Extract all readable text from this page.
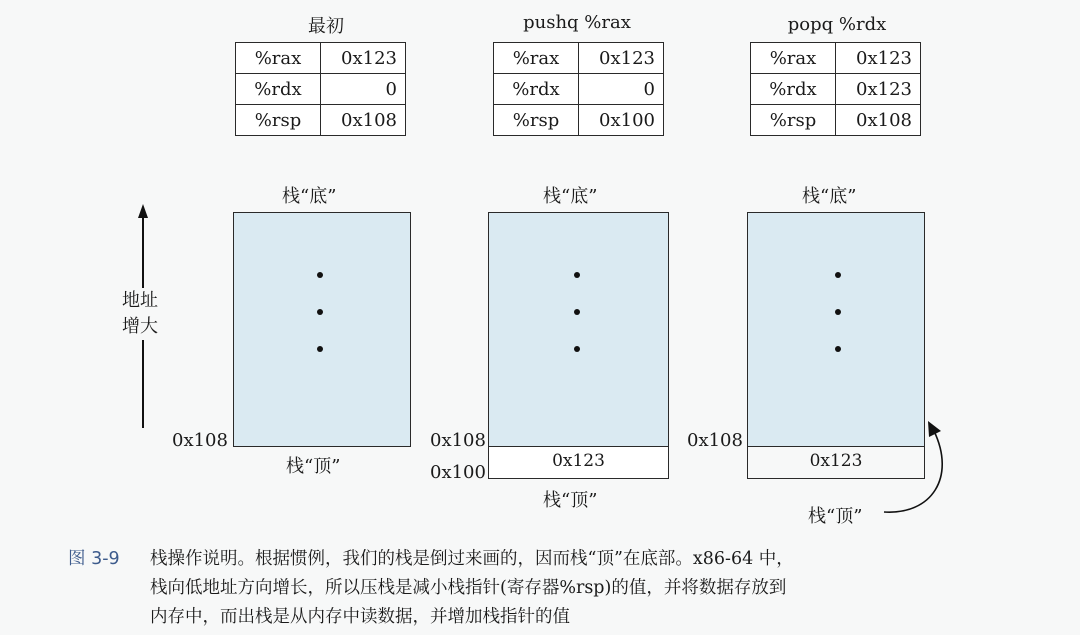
最初
%rax	0x123
%rdx	0
%rsp	0x108
栈“底”
0x108
栈“顶”
地址
增大
pushq %rax
%rax	0x123
%rdx	0
%rsp	0x100
栈“底”
0x123
0x108
0x100
栈“顶”
popq %rdx
%rax	0x123
%rdx	0x123
%rsp	0x108
栈“底”
0x123
0x108
栈“顶”
图 3-9 栈操作说明。根据惯例，我们的栈是倒过来画的，因而栈“顶”在底部。x86-64 中，
栈向低地址方向增长，所以压栈是减小栈指针(寄存器%rsp)的值，并将数据存放到
内存中，而出栈是从内存中读数据，并增加栈指针的值
